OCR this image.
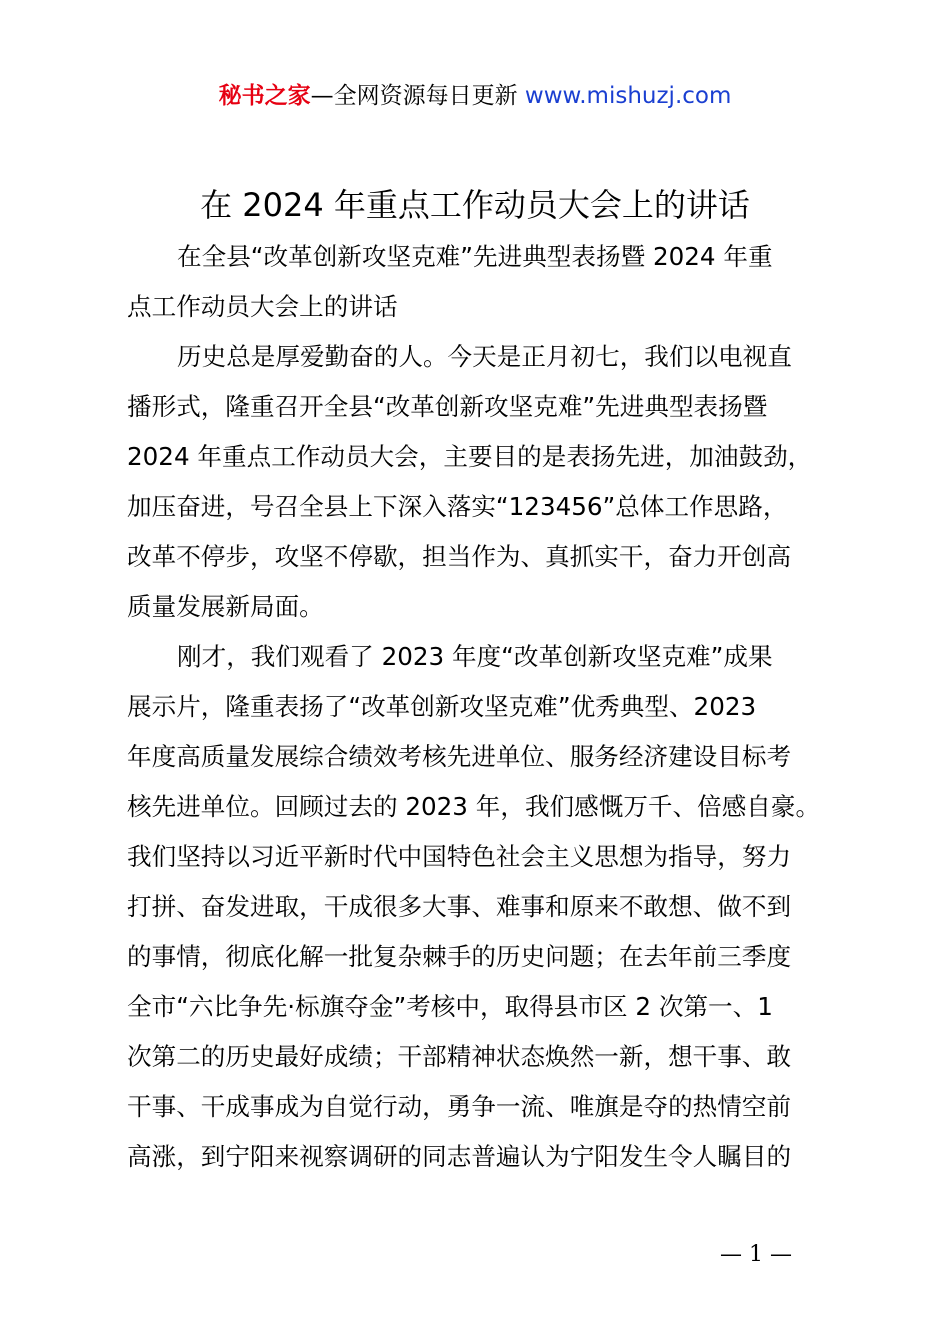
秘书之家—全网资源每日更新 www.mishuzj.com
在 2024 年重点工作动员大会上的讲话
在全县“改革创新攻坚克难”先进典型表扬暨 2024 年重
点工作动员大会上的讲话
历史总是厚爱勤奋的人。今天是正月初七，我们以电视直
播形式，隆重召开全县“改革创新攻坚克难”先进典型表扬暨
2024 年重点工作动员大会，主要目的是表扬先进，加油鼓劲，
加压奋进，号召全县上下深入落实“123456”总体工作思路，
改革不停步，攻坚不停歇，担当作为、真抓实干，奋力开创高
质量发展新局面。
刚才，我们观看了 2023 年度“改革创新攻坚克难”成果
展示片，隆重表扬了“改革创新攻坚克难”优秀典型、2023
年度高质量发展综合绩效考核先进单位、服务经济建设目标考
核先进单位。回顾过去的 2023 年，我们感慨万千、倍感自豪。
我们坚持以习近平新时代中国特色社会主义思想为指导，努力
打拼、奋发进取，干成很多大事、难事和原来不敢想、做不到
的事情，彻底化解一批复杂棘手的历史问题；在去年前三季度
全市“六比争先·标旗夺金”考核中，取得县市区 2 次第一、1
次第二的历史最好成绩；干部精神状态焕然一新，想干事、敢
干事、干成事成为自觉行动，勇争一流、唯旗是夺的热情空前
高涨，到宁阳来视察调研的同志普遍认为宁阳发生令人瞩目的
— 1 —
